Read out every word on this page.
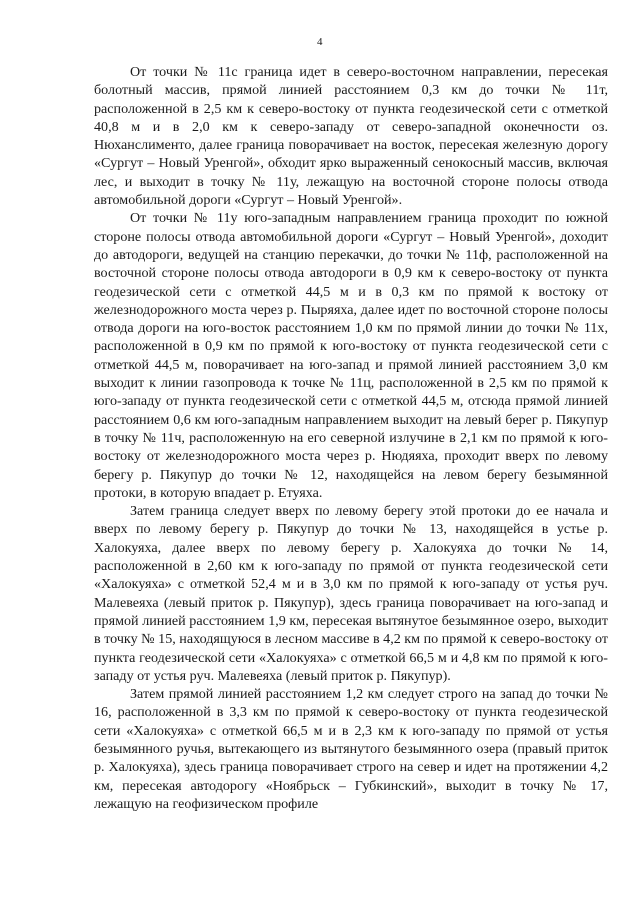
4

От точки № 11с граница идет в северо-восточном направлении, пересекая болотный массив, прямой линией расстоянием 0,3 км до точки № 11т, расположенной в 2,5 км к северо-востоку от пункта геодезической сети с отметкой 40,8 м и в 2,0 км к северо-западу от северо-западной оконечности оз. Нюханслименто, далее граница поворачивает на восток, пересекая железную дорогу «Сургут – Новый Уренгой», обходит ярко выраженный сенокосный массив, включая лес, и выходит в точку № 11у, лежащую на восточной стороне полосы отвода автомобильной дороги «Сургут – Новый Уренгой».

От точки № 11у юго-западным направлением граница проходит по южной стороне полосы отвода автомобильной дороги «Сургут – Новый Уренгой», доходит до автодороги, ведущей на станцию перекачки, до точки № 11ф, расположенной на восточной стороне полосы отвода автодороги в 0,9 км к северо-востоку от пункта геодезической сети с отметкой 44,5 м и в 0,3 км по прямой к востоку от железнодорожного моста через р. Пыряяха, далее идет по восточной стороне полосы отвода дороги на юго-восток расстоянием 1,0 км по прямой линии до точки № 11х, расположенной в 0,9 км по прямой к юго-востоку от пункта геодезической сети с отметкой 44,5 м, поворачивает на юго-запад и прямой линией расстоянием 3,0 км выходит к линии газопровода к точке № 11ц, расположенной в 2,5 км по прямой к юго-западу от пункта геодезической сети с отметкой 44,5 м, отсюда прямой линией расстоянием 0,6 км юго-западным направлением выходит на левый берег р. Пякупур в точку № 11ч, расположенную на его северной излучине в 2,1 км по прямой к юго-востоку от железнодорожного моста через р. Нюдяяха, проходит вверх по левому берегу р. Пякупур до точки № 12, находящейся на левом берегу безымянной протоки, в которую впадает р. Етуяха.

Затем граница следует вверх по левому берегу этой протоки до ее начала и вверх по левому берегу р. Пякупур до точки № 13, находящейся в устье р. Халокуяха, далее вверх по левому берегу р. Халокуяха до точки № 14, расположенной в 2,60 км к юго-западу по прямой от пункта геодезической сети «Халокуяха» с отметкой 52,4 м и в 3,0 км по прямой к юго-западу от устья руч. Малевеяха (левый приток р. Пякупур), здесь граница поворачивает на юго-запад и прямой линией расстоянием 1,9 км, пересекая вытянутое безымянное озеро, выходит в точку № 15, находящуюся в лесном массиве в 4,2 км по прямой к северо-востоку от пункта геодезической сети «Халокуяха» с отметкой 66,5 м и 4,8 км по прямой к юго-западу от устья руч. Малевеяха (левый приток р. Пякупур).

Затем прямой линией расстоянием 1,2 км следует строго на запад до точки № 16, расположенной в 3,3 км по прямой к северо-востоку от пункта геодезической сети «Халокуяха» с отметкой 66,5 м и в 2,3 км к юго-западу по прямой от устья безымянного ручья, вытекающего из вытянутого безымянного озера (правый приток р. Халокуяха), здесь граница поворачивает строго на север и идет на протяжении 4,2 км, пересекая автодорогу «Ноябрьск – Губкинский», выходит в точку № 17, лежащую на геофизическом профиле
